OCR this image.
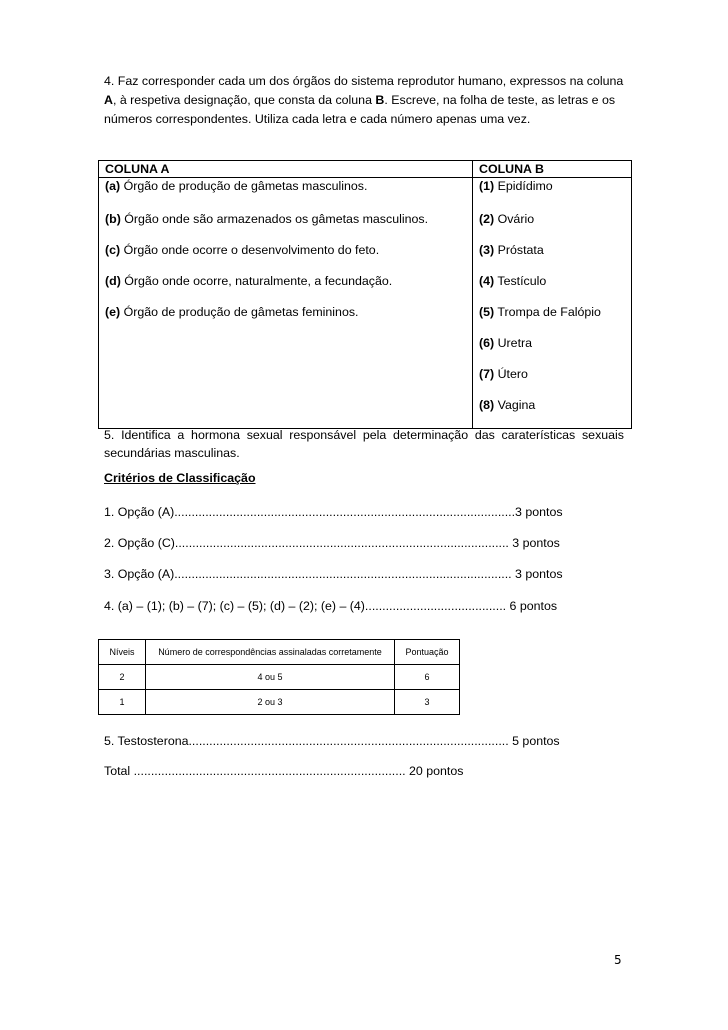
4. Faz corresponder cada um dos órgãos do sistema reprodutor humano, expressos na coluna A, à respetiva designação, que consta da coluna B. Escreve, na folha de teste, as letras e os números correspondentes. Utiliza cada letra e cada número apenas uma vez.
COLUNA A	COLUNA B
(a) Órgão de produção de gâmetas masculinos.	(1) Epidídimo
(b) Órgão onde são armazenados os gâmetas masculinos.	(2) Ovário
(c) Órgão onde ocorre o desenvolvimento do feto.	(3) Próstata
(d) Órgão onde ocorre, naturalmente, a fecundação.	(4) Testículo
(e) Órgão de produção de gâmetas femininos.	(5) Trompa de Falópio
	(6) Uretra
	(7) Útero
	(8) Vagina
5. Identifica a hormona sexual responsável pela determinação das caraterísticas sexuais secundárias masculinas.
Critérios de Classificação
1. Opção (A)...................................................................................................3 pontos
2. Opção (C)................................................................................................. 3 pontos
3. Opção (A).................................................................................................. 3 pontos
4. (a) – (1); (b) – (7); (c) – (5); (d) – (2); (e) – (4)......................................... 6 pontos
Níveis	Número de correspondências assinaladas corretamente	Pontuação
2	4 ou 5	6
1	2 ou 3	3
5. Testosterona............................................................................................. 5 pontos
Total ............................................................................... 20 pontos
5
